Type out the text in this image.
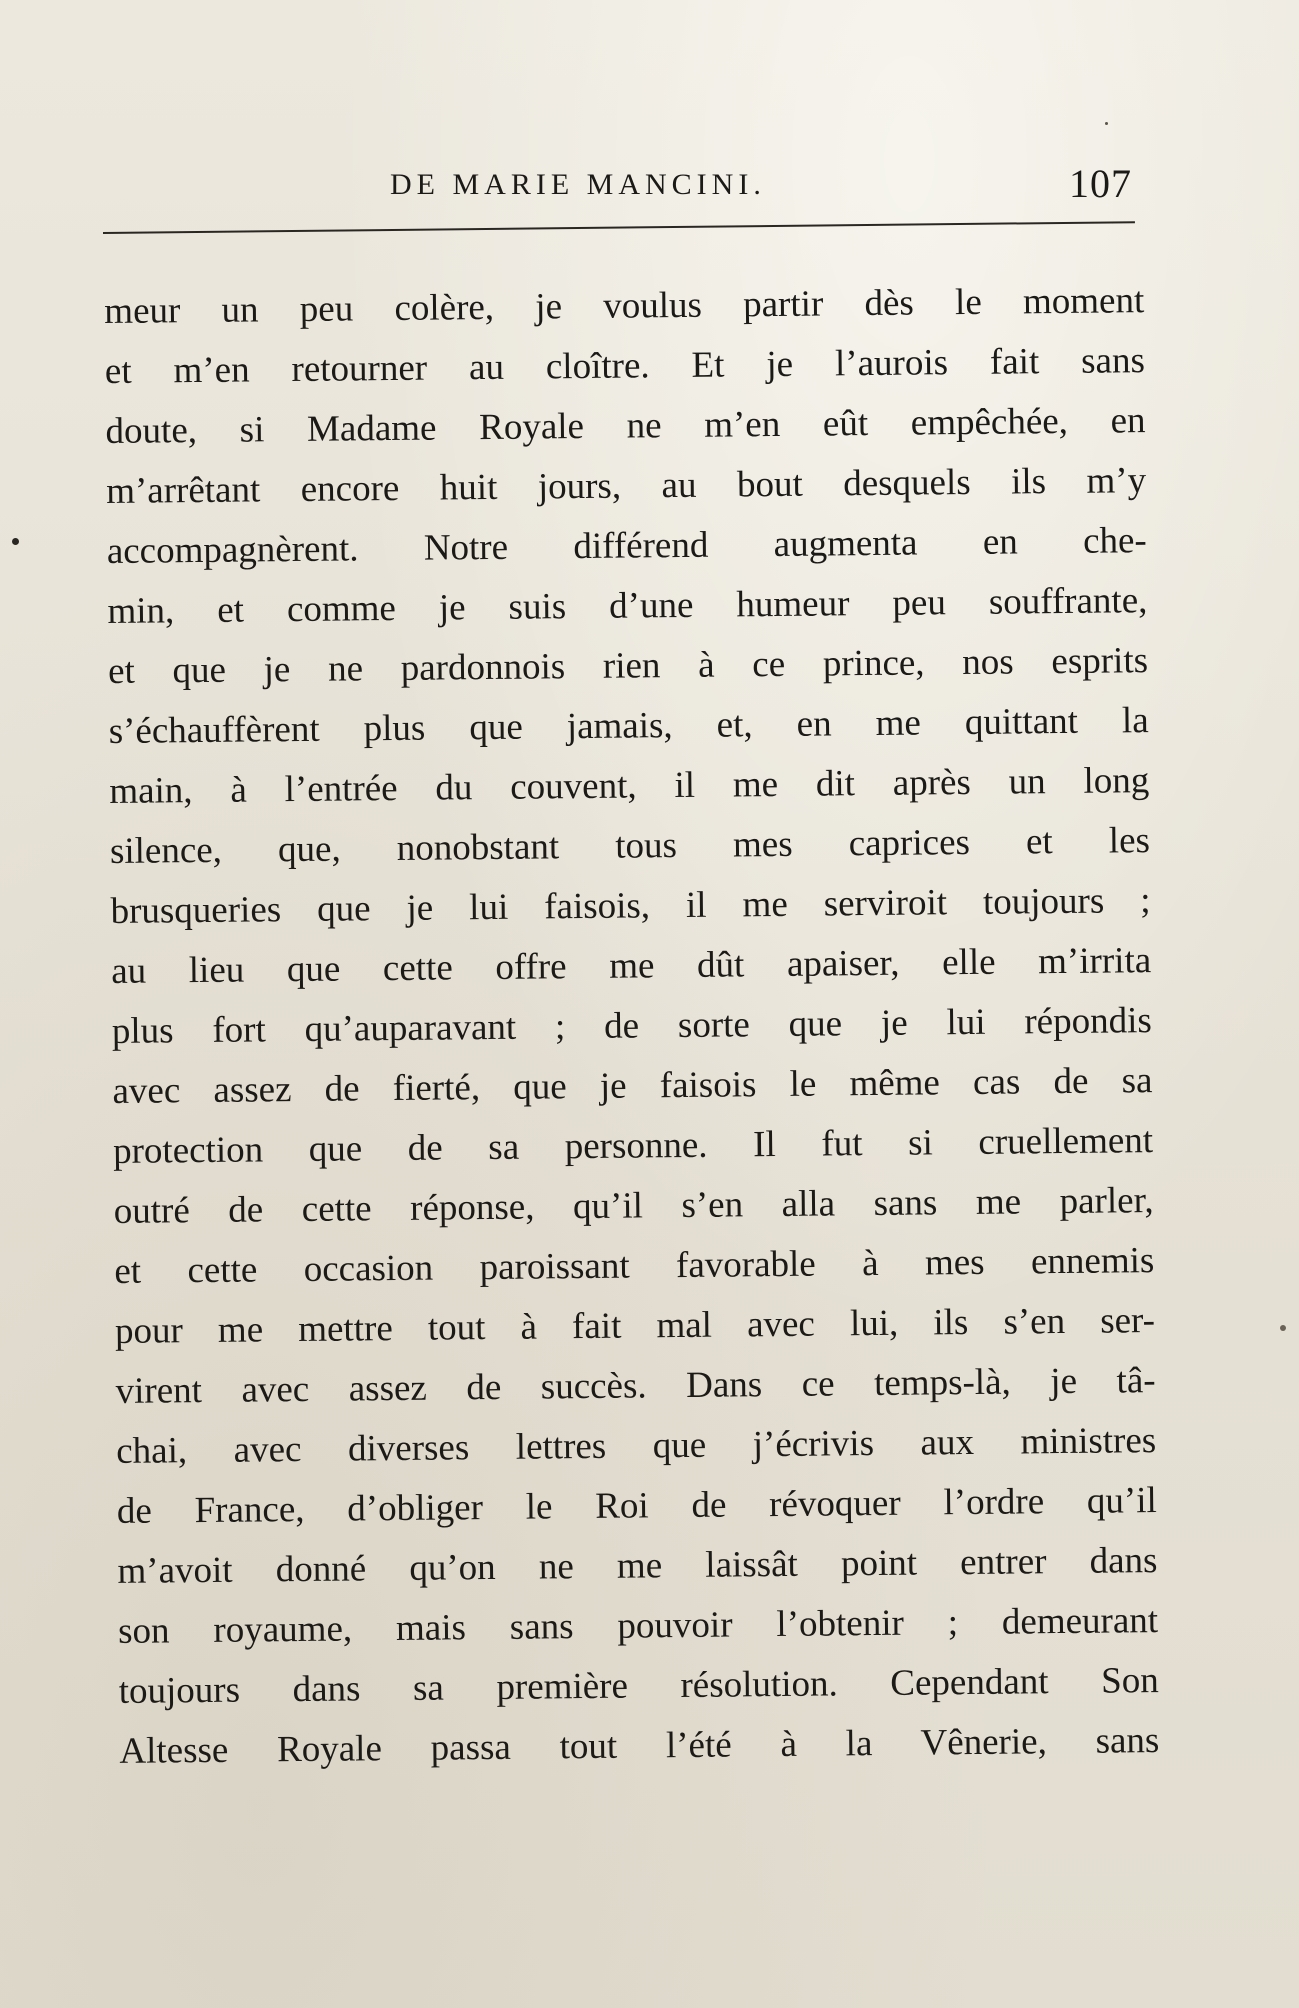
DE MARIE MANCINI.	107
meur un peu colère, je voulus partir dès le moment
et m’en retourner au cloître. Et je l’aurois fait sans
doute, si Madame Royale ne m’en eût empêchée, en
m’arrêtant encore huit jours, au bout desquels ils m’y
accompagnèrent. Notre différend augmenta en che-
min, et comme je suis d’une humeur peu souffrante,
et que je ne pardonnois rien à ce prince, nos esprits
s’échauffèrent plus que jamais, et, en me quittant la
main, à l’entrée du couvent, il me dit après un long
silence, que, nonobstant tous mes caprices et les
brusqueries que je lui faisois, il me serviroit toujours ;
au lieu que cette offre me dût apaiser, elle m’irrita
plus fort qu’auparavant ; de sorte que je lui répondis
avec assez de fierté, que je faisois le même cas de sa
protection que de sa personne. Il fut si cruellement
outré de cette réponse, qu’il s’en alla sans me parler,
et cette occasion paroissant favorable à mes ennemis
pour me mettre tout à fait mal avec lui, ils s’en ser-
virent avec assez de succès. Dans ce temps-là, je tâ-
chai, avec diverses lettres que j’écrivis aux ministres
de France, d’obliger le Roi de révoquer l’ordre qu’il
m’avoit donné qu’on ne me laissât point entrer dans
son royaume, mais sans pouvoir l’obtenir ; demeurant
toujours dans sa première résolution. Cependant Son
Altesse Royale passa tout l’été à la Vênerie, sans
